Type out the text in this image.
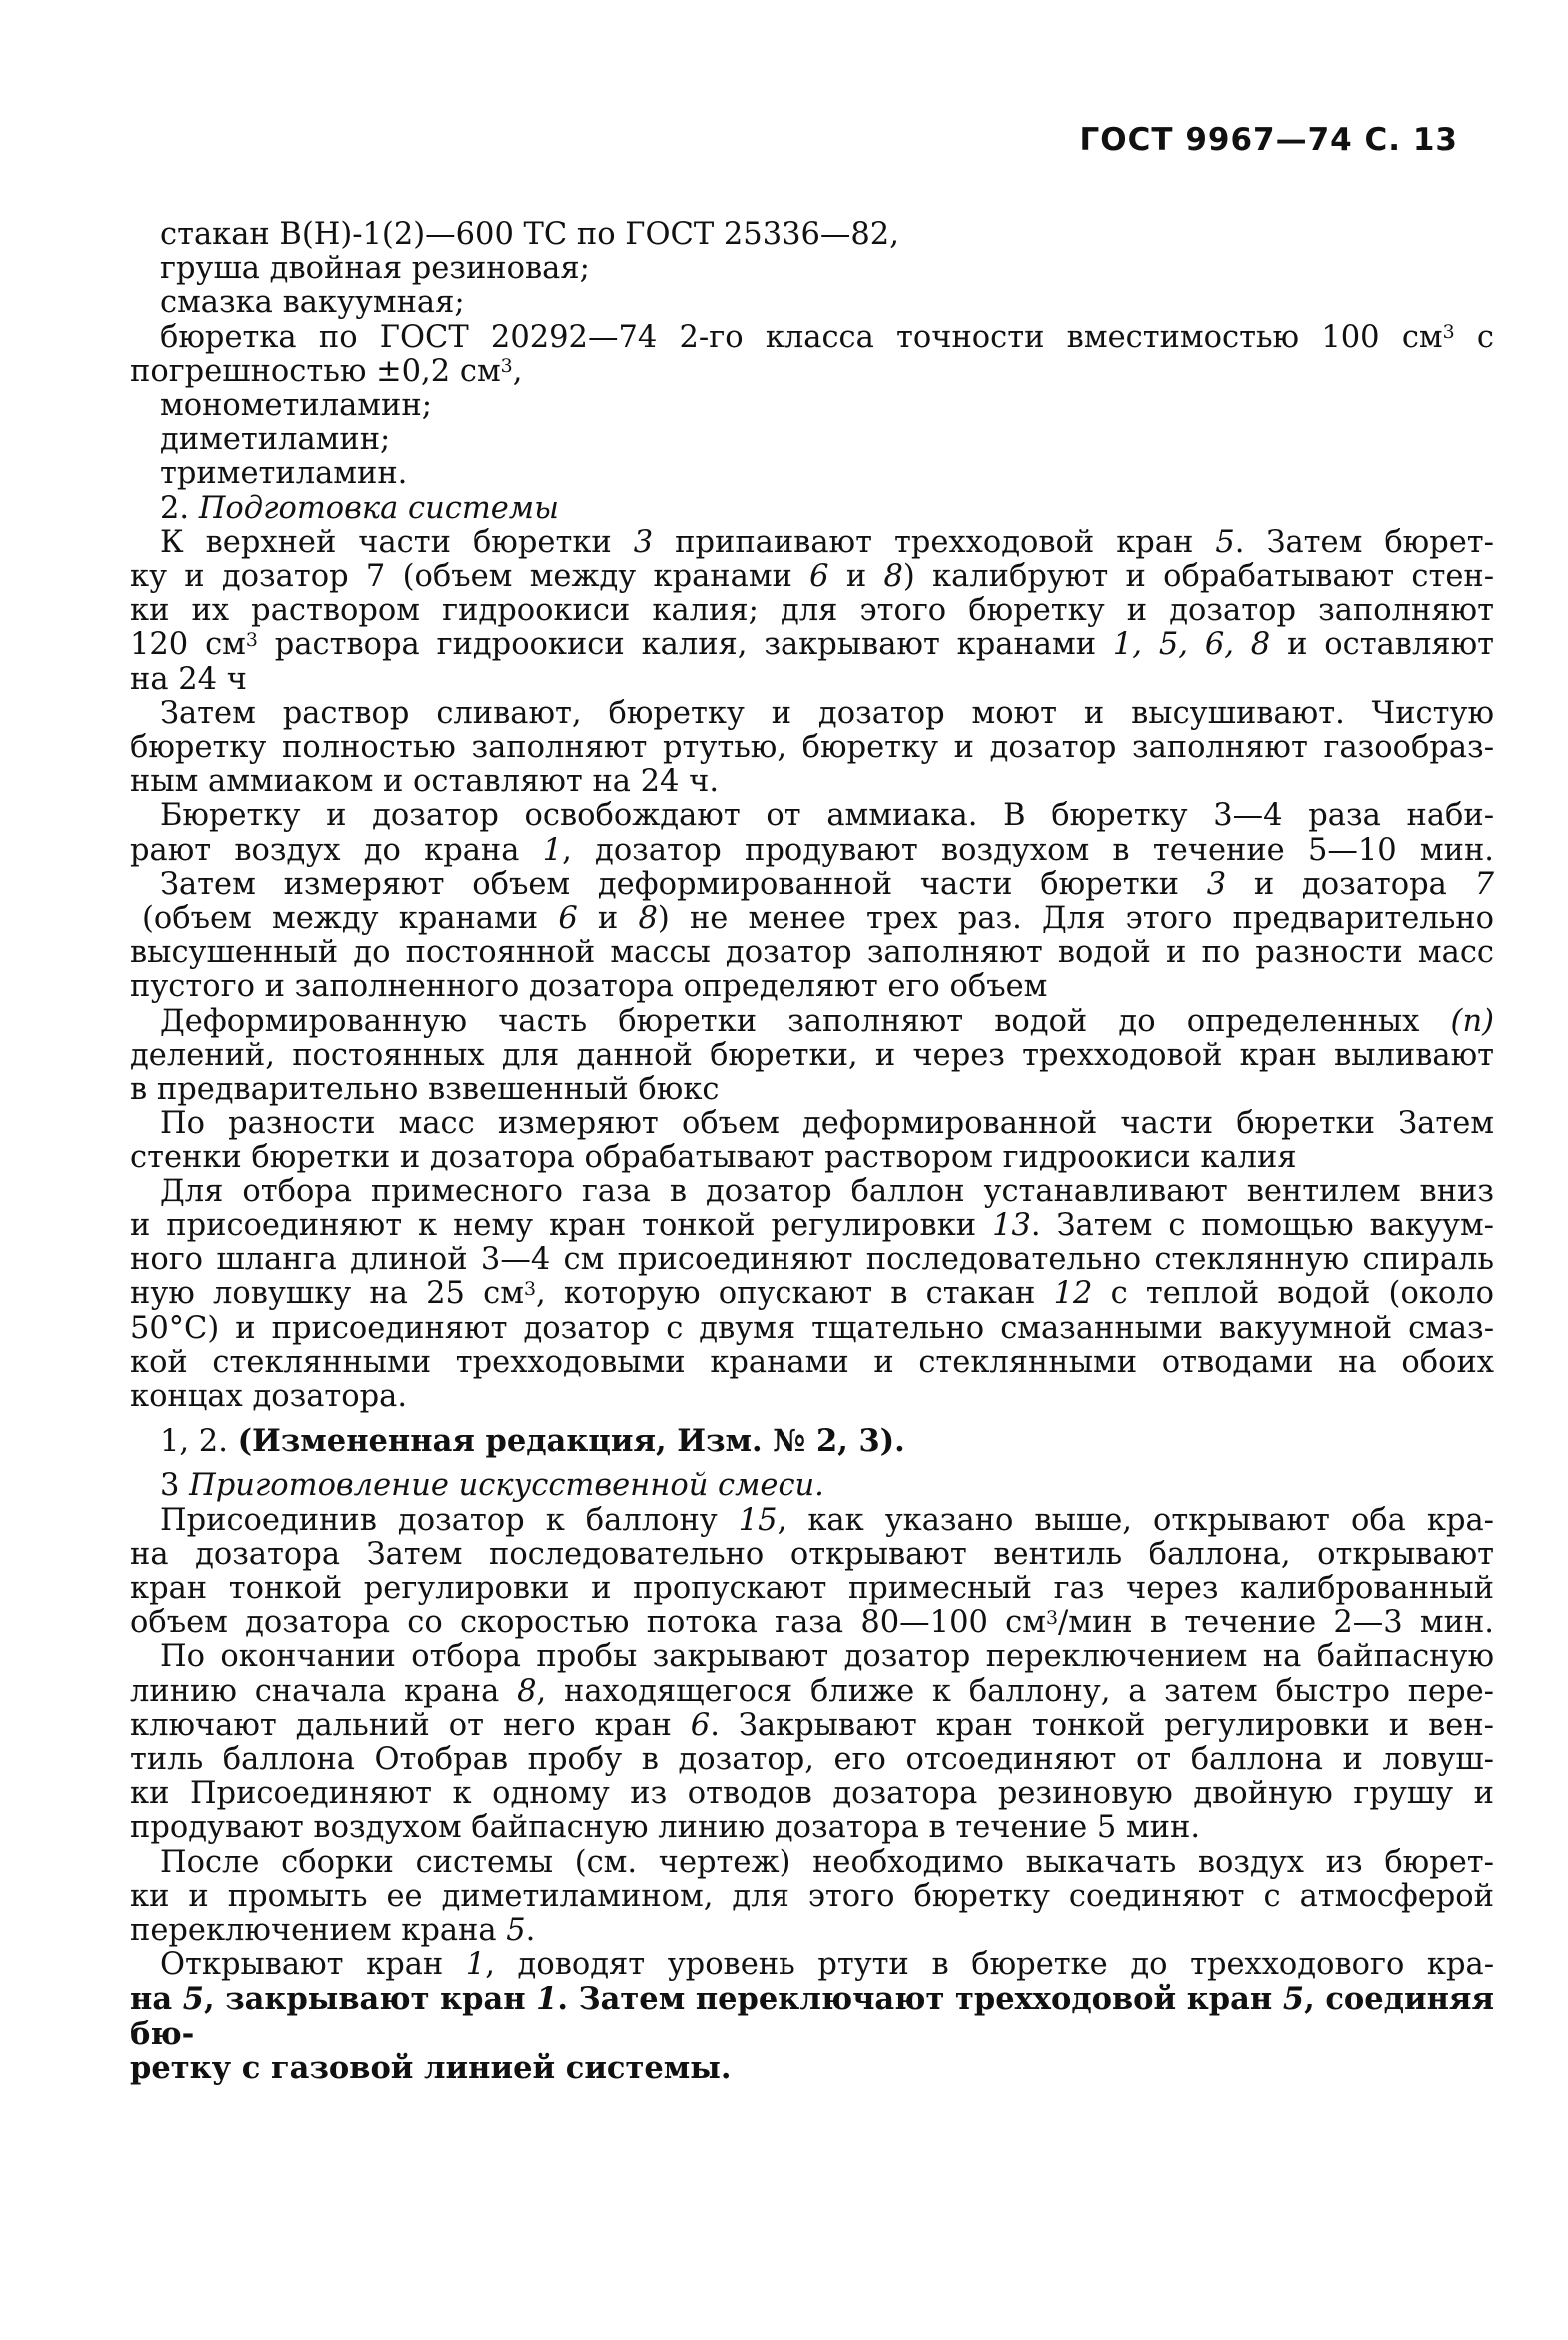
ГОСТ 9967—74 С. 13
стакан В(Н)-1(2)—600 ТС по ГОСТ 25336—82,
груша двойная резиновая;
смазка вакуумная;
бюретка по ГОСТ 20292—74 2-го класса точности вместимостью 100 $см^3$ с
погрешностью ±0,2 $см^3$,
монометиламин;
диметиламин;
триметиламин.
2. Подготовка системы
К верхней части бюретки 3 припаивают трехходовой кран 5. Затем бюрет-
ку и дозатор 7 (объем между кранами 6 и 8) калибруют и обрабатывают стен-
ки их раствором гидроокиси калия; для этого бюретку и дозатор заполняют
120 $см^3$ раствора гидроокиси калия, закрывают кранами 1, 5, 6, 8 и оставляют
на 24 ч
Затем раствор сливают, бюретку и дозатор моют и высушивают. Чистую
бюретку полностью заполняют ртутью, бюретку и дозатор заполняют газообраз-
ным аммиаком и оставляют на 24 ч.
Бюретку и дозатор освобождают от аммиака. В бюретку 3—4 раза наби-
рают воздух до крана 1, дозатор продувают воздухом в течение 5—10 мин.
Затем измеряют объем деформированной части бюретки 3 и дозатора 7
(объем между кранами 6 и 8) не менее трех раз. Для этого предварительно
высушенный до постоянной массы дозатор заполняют водой и по разности масс
пустого и заполненного дозатора определяют его объем
Деформированную часть бюретки заполняют водой до определенных (n)
делений, постоянных для данной бюретки, и через трехходовой кран выливают
в предварительно взвешенный бюкс
По разности масс измеряют объем деформированной части бюретки Затем
стенки бюретки и дозатора обрабатывают раствором гидроокиси калия
Для отбора примесного газа в дозатор баллон устанавливают вентилем вниз
и присоединяют к нему кран тонкой регулировки 13. Затем с помощью вакуум-
ного шланга длиной 3—4 см присоединяют последовательно стеклянную спираль
ную ловушку на 25 $см^3$, которую опускают в стакан 12 с теплой водой (около
50°С) и присоединяют дозатор с двумя тщательно смазанными вакуумной смаз-
кой стеклянными трехходовыми кранами и стеклянными отводами на обоих
концах дозатора.
1, 2. (Измененная редакция, Изм. № 2, 3).
3 Приготовление искусственной смеси.
Присоединив дозатор к баллону 15, как указано выше, открывают оба кра-
на дозатора Затем последовательно открывают вентиль баллона, открывают
кран тонкой регулировки и пропускают примесный газ через калиброванный
объем дозатора со скоростью потока газа 80—100 $см^3$/мин в течение 2—3 мин.
По окончании отбора пробы закрывают дозатор переключением на байпасную
линию сначала крана 8, находящегося ближе к баллону, а затем быстро пере-
ключают дальний от него кран 6. Закрывают кран тонкой регулировки и вен-
тиль баллона Отобрав пробу в дозатор, его отсоединяют от баллона и ловуш-
ки Присоединяют к одному из отводов дозатора резиновую двойную грушу и
продувают воздухом байпасную линию дозатора в течение 5 мин.
После сборки системы (см. чертеж) необходимо выкачать воздух из бюрет-
ки и промыть ее диметиламином, для этого бюретку соединяют с атмосферой
переключением крана 5.
Открывают кран 1, доводят уровень ртути в бюретке до трехходового кра-
на 5, закрывают кран 1. Затем переключают трехходовой кран 5, соединяя бю-
ретку с газовой линией системы.
